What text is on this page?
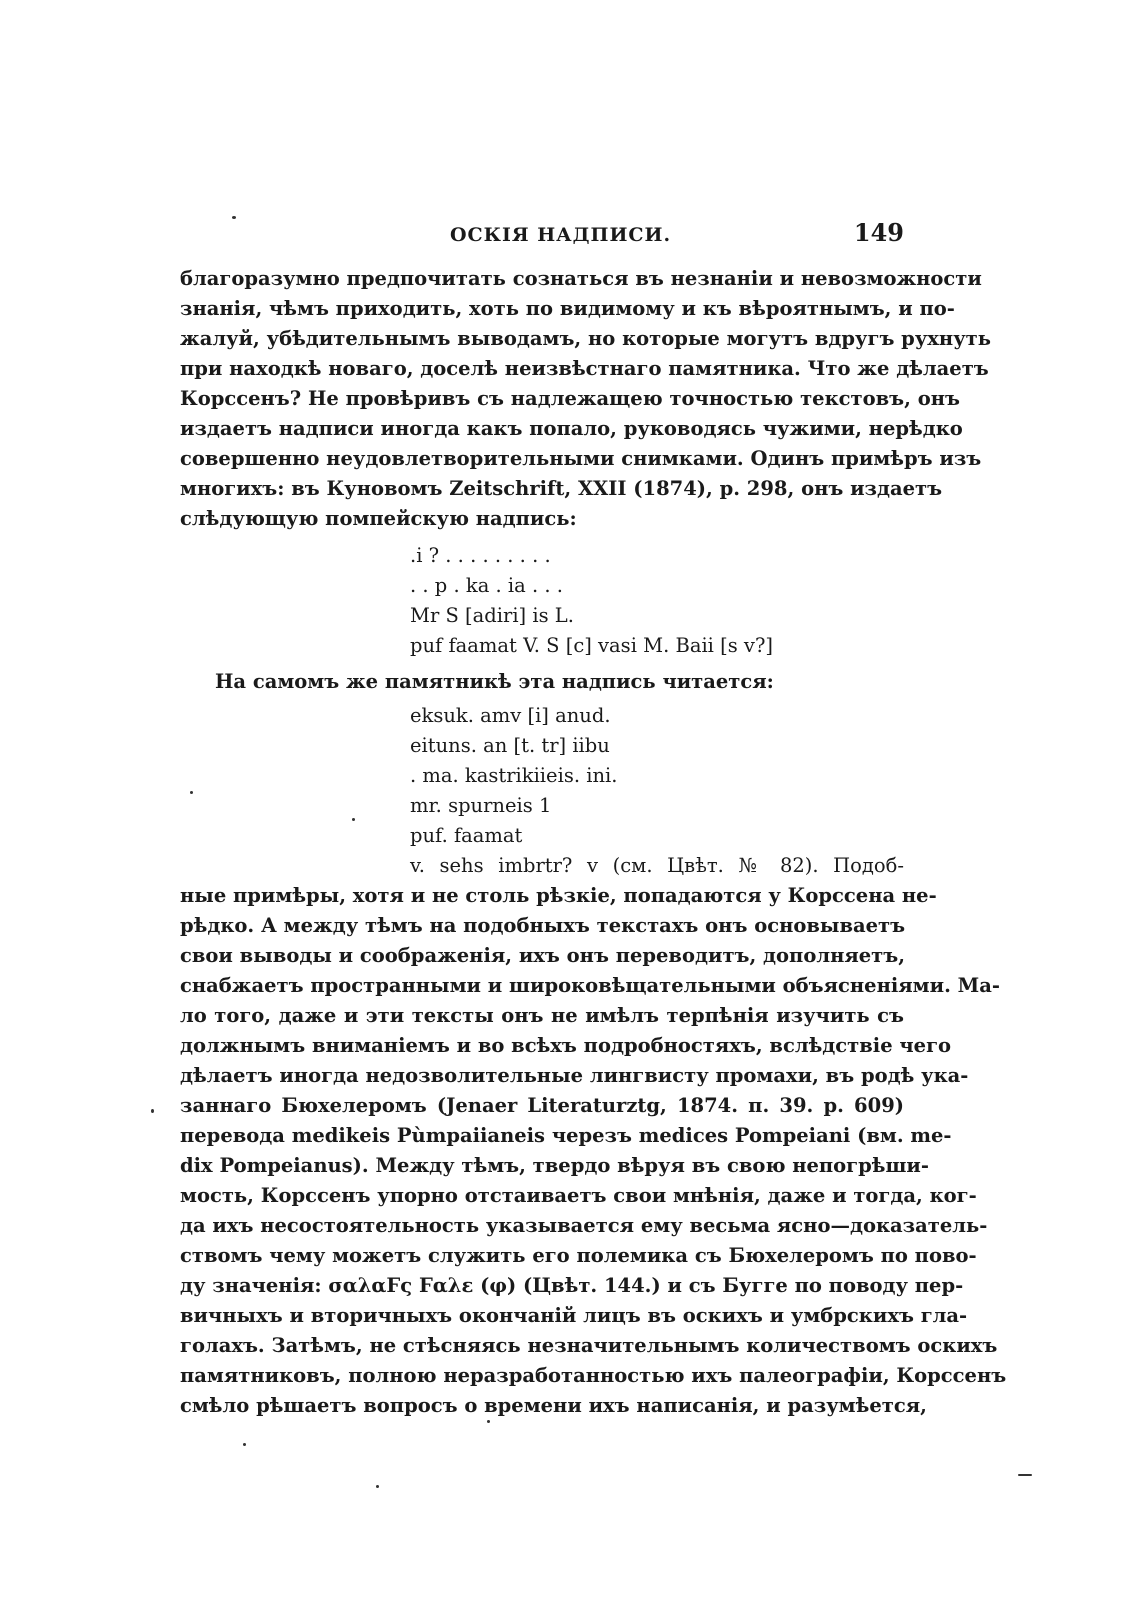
ОСКІЯ НАДПИСИ.	149
благоразумно предпочитать сознаться въ незнаніи и невозможности
знанія, чѣмъ приходить, хоть по видимому и къ вѣроятнымъ, и по-
жалуй, убѣдительнымъ выводамъ, но которые могутъ вдругъ рухнуть
при находкѣ новаго, доселѣ неизвѣстнаго памятника. Что же дѣлаетъ
Корссенъ? Не провѣривъ съ надлежащею точностью текстовъ, онъ
издаетъ надписи иногда какъ попало, руководясь чужими, нерѣдко
совершенно неудовлетворительными снимками. Одинъ примѣръ изъ
многихъ: въ Куновомъ Zeitschrift, XXII (1874), p. 298, онъ издаетъ
слѣдующую помпейскую надпись:
.i ? . . . . . . . . .
. . p . ka . ia . . .
Mr S [adiri] is L.
puf faamat V. S [c] vasi M. Baii [s v?]
На самомъ же памятникѣ эта надпись читается:
eksuk. amv [i] anud.
eituns. an [t. tr] iibu
. ma. kastrikiieis. ini.
mr. spurneis 1
puf. faamat
v. sehs imbrtr? v (см. Цвѣт. № 82). Подоб-
ные примѣры, хотя и не столь рѣзкіе, попадаются у Корссена не-
рѣдко. А между тѣмъ на подобныхъ текстахъ онъ основываетъ
свои выводы и соображенія, ихъ онъ переводитъ, дополняетъ,
снабжаетъ пространными и широковѣщательными объясненіями. Ма-
ло того, даже и эти тексты онъ не имѣлъ терпѣнія изучить съ
должнымъ вниманіемъ и во всѣхъ подробностяхъ, вслѣдствіе чего
дѣлаетъ иногда недозволительные лингвисту промахи, въ родѣ ука-
заннаго Бюхелеромъ (Jenaer Literaturztg, 1874. п. 39. p. 609)
перевода medikeis Pùmpaiianeis черезъ medices Pompeiani (вм. me-
dix Pompeianus). Между тѣмъ, твердо вѣруя въ свою непогрѣши-
мость, Корссенъ упорно отстаиваетъ свои мнѣнія, даже и тогда, ког-
да ихъ несостоятельность указывается ему весьма ясно—доказатель-
ствомъ чему можетъ служить его полемика съ Бюхелеромъ по пово-
ду значенія: σαλαϜς Ϝαλε (φ) (Цвѣт. 144.) и съ Бугге по поводу пер-
вичныхъ и вторичныхъ окончаній лицъ въ оскихъ и умбрскихъ гла-
голахъ. Затѣмъ, не стѣсняясь незначительнымъ количествомъ оскихъ
памятниковъ, полною неразработанностью ихъ палеографіи, Корссенъ
смѣло рѣшаетъ вопросъ о времени ихъ написанія, и разумѣется,
